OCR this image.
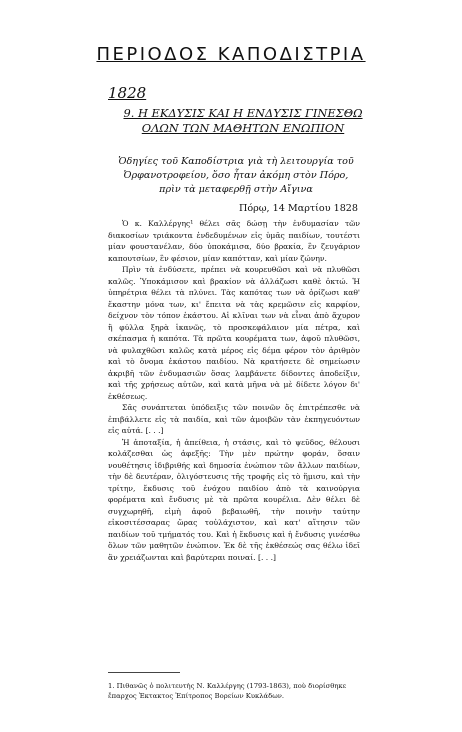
ΠΕΡΙΟΔΟΣ ΚΑΠΟΔΙΣΤΡΙΑ
1828
9. Η ΕΚΔΥΣΙΣ ΚΑΙ Η ΕΝΔΥΣΙΣ ΓΙΝΕΣΘΩ
ΟΛΩΝ ΤΩΝ ΜΑΘΗΤΩΝ ΕΝΩΠΙΟΝ
Ὁδηγίες τοῦ Καποδίστρια γιὰ τὴ λειτουργία τοῦ Ὀρφανοτροφείου, ὅσο ἦταν ἀκόμη στὸν Πόρο, πρὶν τὰ μεταφερθῇ στὴν Αἴγινα
Πόρῳ, 14 Μαρτίου 1828

Ὁ κ. Καλλέργης¹ θέλει σᾶς δώσῃ τὴν ἐνδυμασίαν τῶν διακοσίων τριάκοντα ἐνδεδυμένων εἰς ὑμᾶς παιδίων, τουτέστι μίαν φουστανέλαν, δύο ὑποκάμισα, δύο βρακία, ἓν ζευγάριον καπουτσίων, ἓν φέσιον, μίαν καπότταν, καὶ μίαν ζώνην.

Πρὶν τὰ ἐνδύσετε, πρέπει νὰ κουρευθῶσι καὶ νὰ πλυθῶσι καλῶς. Ὑποκάμισον καὶ βρακίον νὰ ἀλλάζωσι καθὲ ὀκτώ. Ἡ ὑπηρέτρια θέλει τὰ πλύνει. Τὰς καπότας των νὰ ὁρίζωσι καθ' ἕκαστην μόνα των, κι' ἔπειτα νὰ τὰς κρεμῶσιν εἰς καρφίον, δείχνον τὸν τόπον ἑκάστου. Αἱ κλῖναι των νὰ εἶναι ἀπὸ ἄχυρον ἢ φύλλα ξηρὰ ἱκανῶς, τὸ προσκεφάλαιον μία πέτρα, καὶ σκέπασμα ἡ καπότα. Τὰ πρῶτα κουρέματα των, ἀφοῦ πλυθῶσι, νὰ φυλαχθῶσι καλῶς κατὰ μέρος εἰς δέμα φέρον τὸν ἀριθμὸν καὶ τὸ ὄνομα ἑκάστου παιδίου. Νὰ κρατήσετε δὲ σημείωσιν ἀκριβῆ τῶν ἐνδυμασιῶν ὅσας λαμβάνετε δίδοντες ἀποδείξιν, καὶ τῆς χρήσεως αὐτῶν, καὶ κατὰ μῆνα νὰ μὲ δίδετε λόγον δι' ἐκθέσεως.

Σᾶς συνάπτεται ὑπόδειξις τῶν ποινῶν ὅς ἐπιτρέπεσθε νὰ ἐπιβάλλετε εἰς τὰ παιδία, καὶ τῶν ἀμοιβῶν τὰν ἐκπηγευόντων εἰς αὐτά. [. . .]

Ἡ ἀποταξία, ἡ ἀπείθεια, ἡ στάσις, καὶ τὸ ψεῦδος, θέλουσι κολάζεσθαι ὡς ἀφεξῆς: Τὴν μὲν πρώτην φοράν, ὅσαιν νουθέτησις ἰδιβριθής καὶ δημοσία ἐνώπιον τῶν ἄλλων παιδίων, τὴν δὲ δευτέραν, ὀλιγόστευσις τῆς τροφῆς εἰς τὸ ἥμισυ, καὶ τὴν τρίτην, ἔκδυσις τοῦ ἐνόχου παιδίου ἀπὸ τὰ καινούργια φορέματα καὶ ἔνδυσις μὲ τὰ πρῶτα κουρέλια. Δὲν θέλει δὲ συγχωρηθῆ, εἰμὴ ἀφοῦ βεβαιωθῆ, τὴν ποινὴν ταύτην εἰκοσιτέσσαρας ὥρας τοὐλάχιστον, καὶ κατ' αἴτησιν τῶν παιδίων τοῦ τμήματός του. Καὶ ἡ ἔκδυσις καὶ ἡ ἔνδυσις γινέσθω ὅλων τῶν μαθητῶν ἐνώπιον. Ἐκ δὲ τῆς ἐκθέσεώς σας θέλω ἰδεῖ ἂν χρειάζωνται καὶ βαρύτεραι ποιναί. [. . .]

1. Πιθανῶς ὁ πολιτευτὴς Ν. Καλλέργης (1793-1863), ποὺ διορίσθηκε ἔπαρχος Ἐκτακτος Ἐπίτροπος Βορείων Κυκλάδων.
